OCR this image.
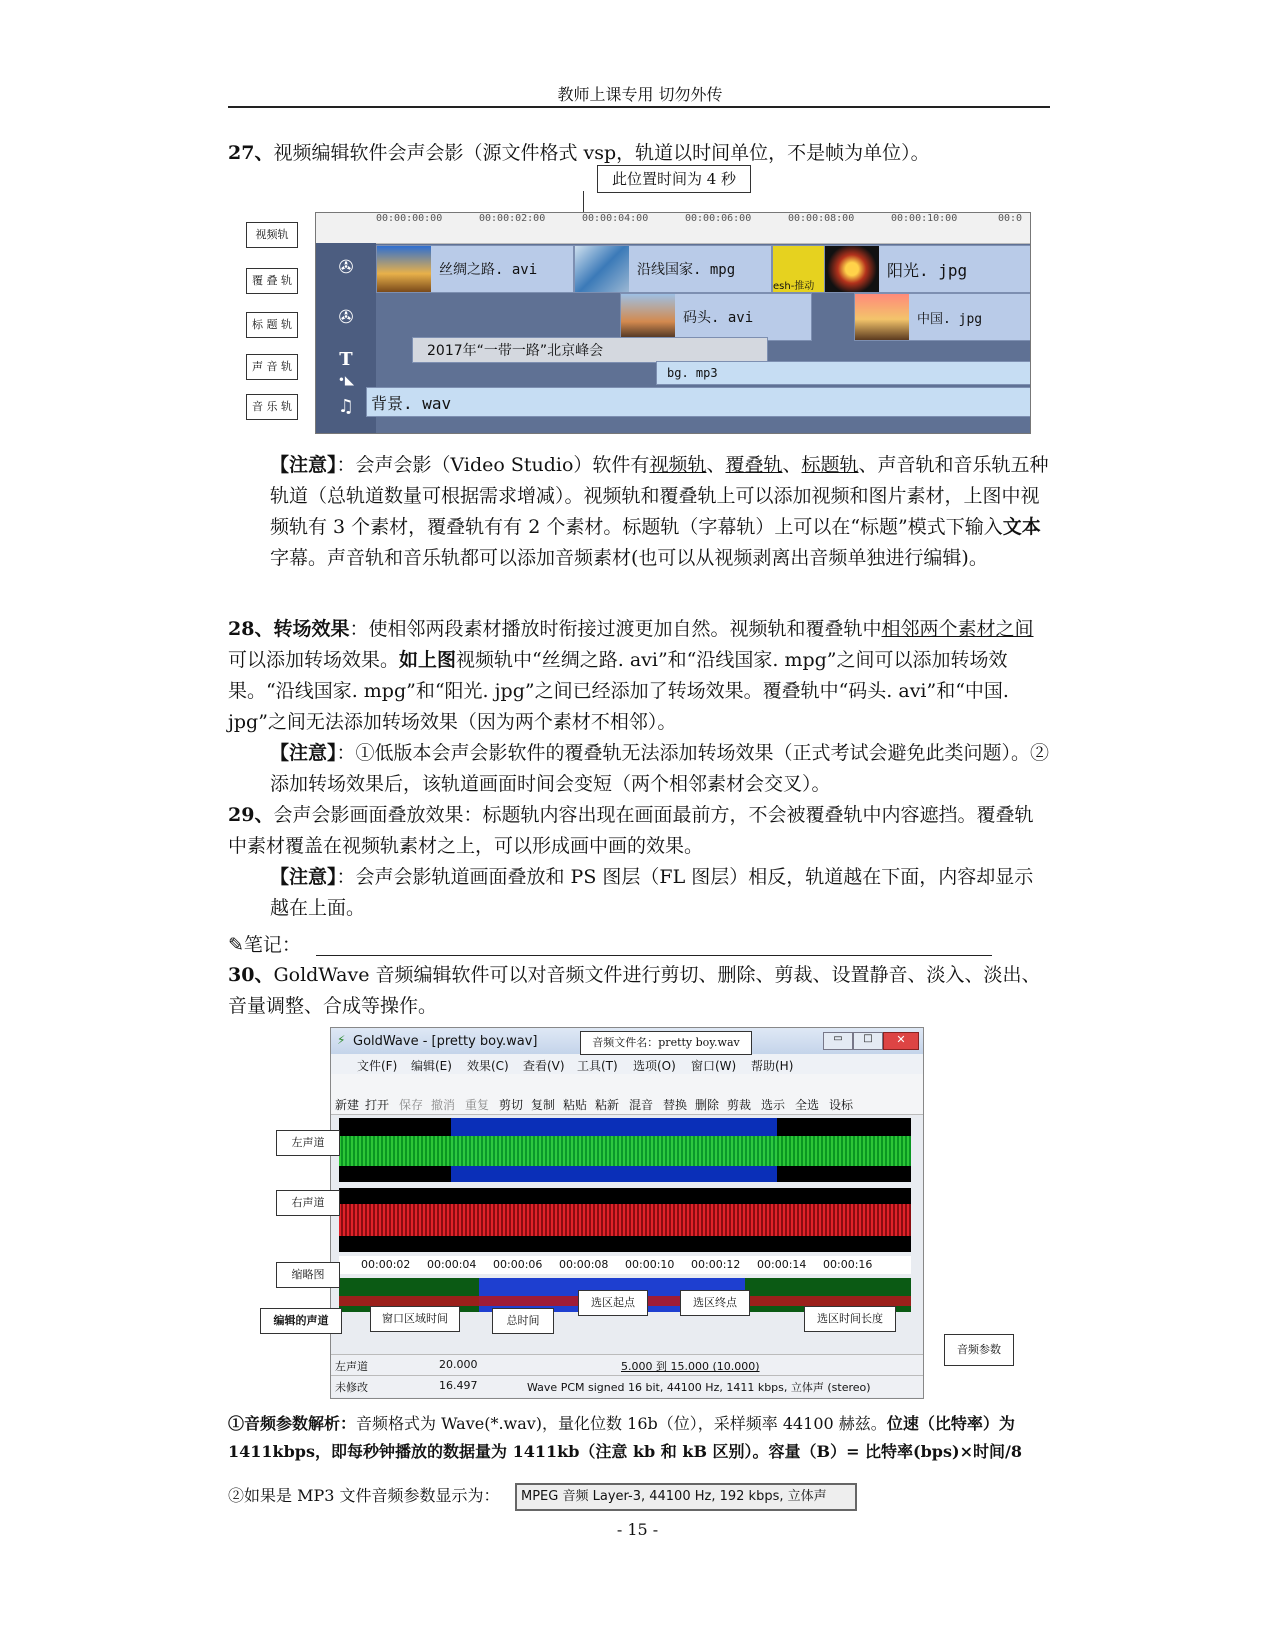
教师上课专用 切勿外传
27、视频编辑软件会声会影（源文件格式 vsp，轨道以时间单位，不是帧为单位）。
此位置时间为 4 秒
00:00:00:00	00:00:02:00	00:00:04:00	00:00:06:00	00:00:08:00	00:00:10:00	00:0
✇
✇
T
•◣
♫
丝绸之路. avi	沿线国家. mpg
esh-推动
阳光. jpg
码头. avi	中国. jpg
2017年“一带一路”北京峰会
bg. mp3
背景. wav
视频轨
覆 叠 轨
标 题 轨
声 音 轨
音 乐 轨
【注意】：会声会影（Video Studio）软件有视频轨、覆叠轨、标题轨、声音轨和音乐轨五种轨道（总轨道数量可根据需求增减）。视频轨和覆叠轨上可以添加视频和图片素材，上图中视频轨有 3 个素材，覆叠轨有有 2 个素材。标题轨（字幕轨）上可以在“标题”模式下输入文本字幕。声音轨和音乐轨都可以添加音频素材(也可以从视频剥离出音频单独进行编辑)。
28、转场效果：使相邻两段素材播放时衔接过渡更加自然。视频轨和覆叠轨中相邻两个素材之间可以添加转场效果。如上图视频轨中“丝绸之路. avi”和“沿线国家. mpg”之间可以添加转场效果。“沿线国家. mpg”和“阳光. jpg”之间已经添加了转场效果。覆叠轨中“码头. avi”和“中国. jpg”之间无法添加转场效果（因为两个素材不相邻）。
【注意】：①低版本会声会影软件的覆叠轨无法添加转场效果（正式考试会避免此类问题）。②添加转场效果后，该轨道画面时间会变短（两个相邻素材会交叉）。
29、会声会影画面叠放效果：标题轨内容出现在画面最前方，不会被覆叠轨中内容遮挡。覆叠轨中素材覆盖在视频轨素材之上，可以形成画中画的效果。
【注意】：会声会影轨道画面叠放和 PS 图层（FL 图层）相反，轨道越在下面，内容却显示越在上面。
✎笔记：
30、GoldWave 音频编辑软件可以对音频文件进行剪切、删除、剪裁、设置静音、淡入、淡出、音量调整、合成等操作。
⚡ GoldWave - [pretty boy.wav]	▭	□	✕
文件(F) 编辑(E) 效果(C) 查看(V) 工具(T) 选项(O) 窗口(W) 帮助(H)
新建 打开 保存 撤消 重复 剪切 复制 粘贴 粘新 混音 替换 删除 剪裁 选示 全选 设标
00:00:02 00:00:04 00:00:06 00:00:08 00:00:10 00:00:12 00:00:14 00:00:16
左声道	20.000	5.000 到 15.000 (10.000)
未修改	16.497	Wave PCM signed 16 bit, 44100 Hz, 1411 kbps, 立体声 (stereo)
音频文件名：pretty boy.wav
左声道
右声道
缩略图
编辑的声道	窗口区域时间	总时间
选区起点	选区终点
选区时间长度
音频参数
①音频参数解析：音频格式为 Wave(*.wav)，量化位数 16b（位），采样频率 44100 赫兹。位速（比特率）为 1411kbps，即每秒钟播放的数据量为 1411kb（注意 kb 和 kB 区别）。容量（B）= 比特率(bps)×时间/8
②如果是 MP3 文件音频参数显示为：	MPEG 音频 Layer-3, 44100 Hz, 192 kbps, 立体声
- 15 -
